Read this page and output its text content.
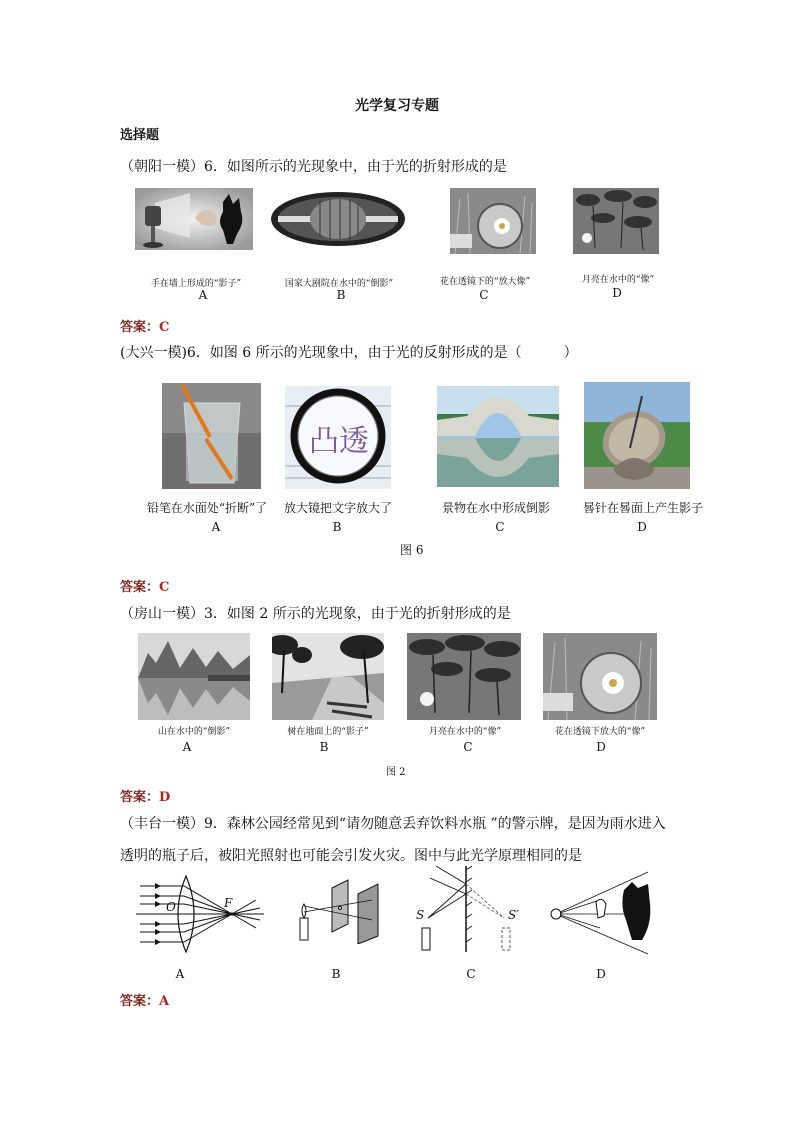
光学复习专题
选择题
（朝阳一模）6．如图所示的光现象中，由于光的折射形成的是
手在墙上形成的“影子”	国家大剧院在水中的“倒影”	花在透镜下的“放大像”	月亮在水中的“像”
A	B	C	D
答案：C
(大兴一模)6．如图 6 所示的光现象中，由于光的反射形成的是（　　　）
凸透
铅笔在水面处“折断”了	放大镜把文字放大了	景物在水中形成倒影	晷针在晷面上产生影子
A	B	C	D
图 6
答案：C
（房山一模）3．如图 2 所示的光现象，由于光的折射形成的是
山在水中的“倒影”	树在地面上的“影子”	月亮在水中的“像”	花在透镜下放大的“像”
A	B	C	D
图 2
答案：D
（丰台一模）9．森林公园经常见到“请勿随意丢弃饮料水瓶 ”的警示牌，是因为雨水进入
透明的瓶子后，被阳光照射也可能会引发火灾。图中与此光学原理相同的是
O	F
S	S′
A	B	C	D
答案：A
